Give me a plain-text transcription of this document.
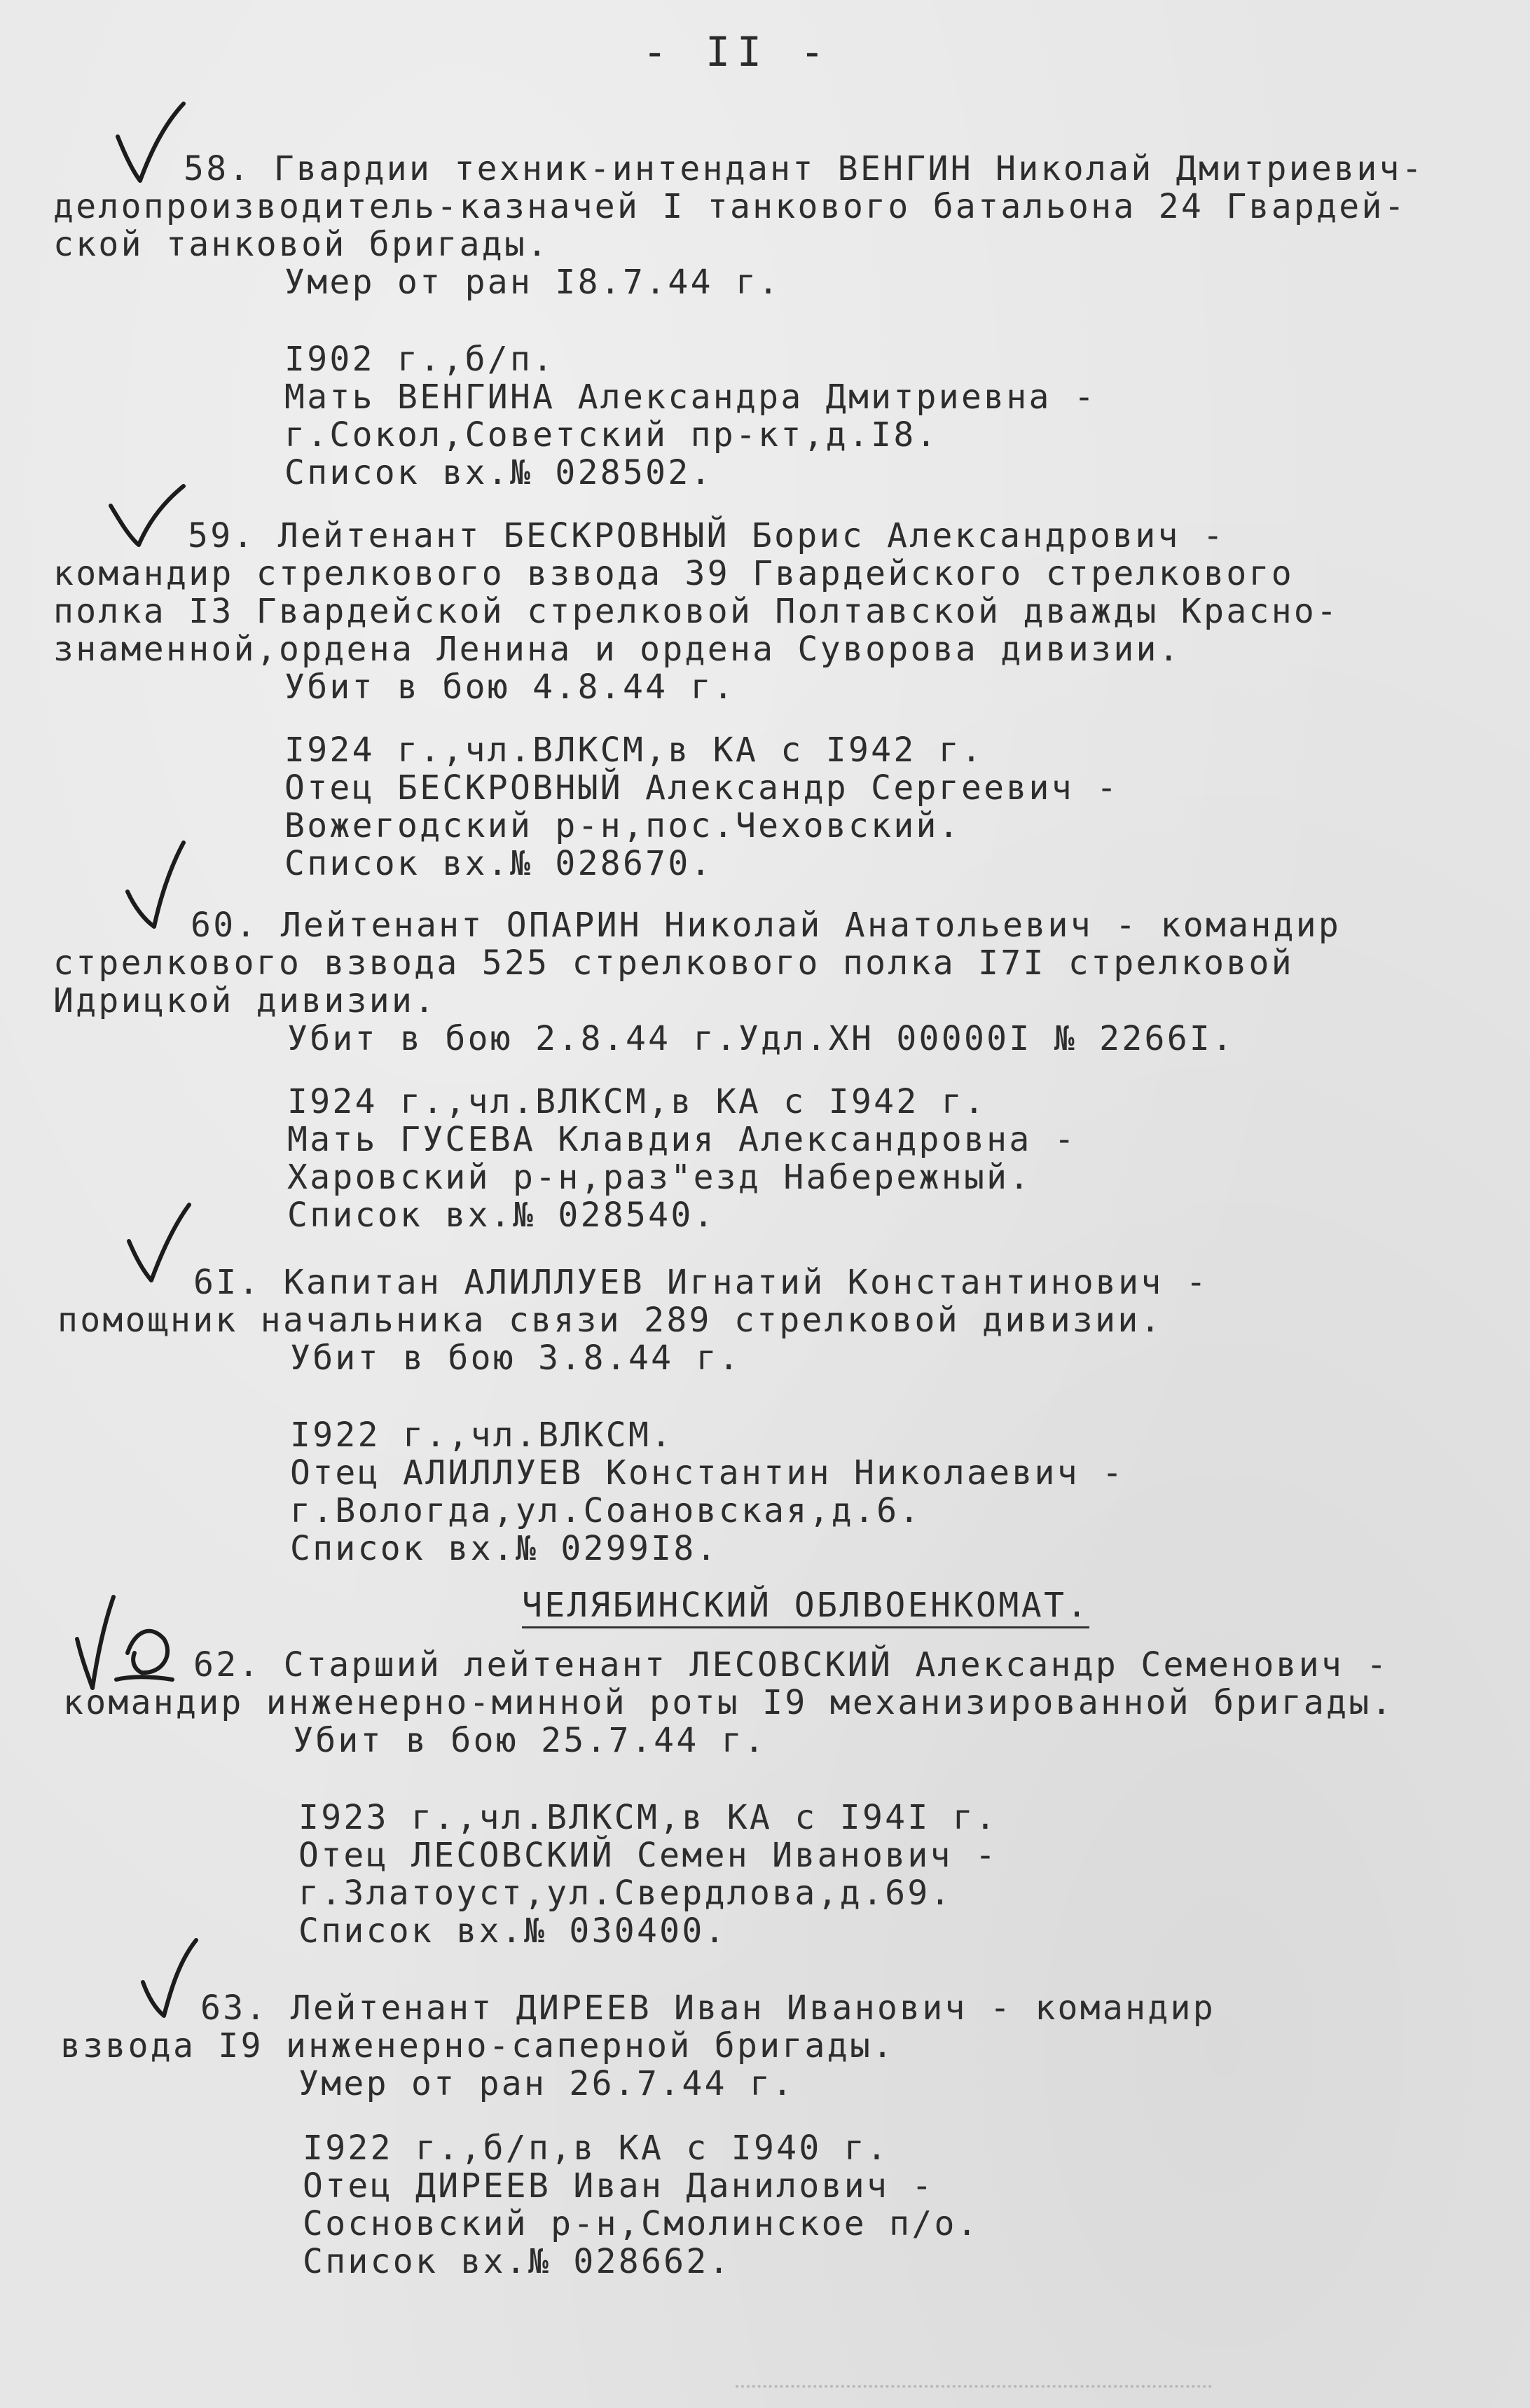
- II -
58. Гвардии техник-интендант ВЕНГИН Николай Дмитриевич-
делопроизводитель-казначей I танкового батальона 24 Гвардей-
ской танковой бригады.
Умер от ран I8.7.44 г.
I902 г.,б/п.
Мать ВЕНГИНА Александра Дмитриевна -
г.Сокол,Советский пр-кт,д.I8.
Список вх.№ 028502.
59. Лейтенант БЕСКРОВНЫЙ Борис Александрович -
командир стрелкового взвода 39 Гвардейского стрелкового
полка I3 Гвардейской стрелковой Полтавской дважды Красно-
знаменной,ордена Ленина и ордена Суворова дивизии.
Убит в бою 4.8.44 г.
I924 г.,чл.ВЛКСМ,в КА с I942 г.
Отец БЕСКРОВНЫЙ Александр Сергеевич -
Вожегодский р-н,пос.Чеховский.
Список вх.№ 028670.
60. Лейтенант ОПАРИН Николай Анатольевич - командир
стрелкового взвода 525 стрелкового полка I7I стрелковой
Идрицкой дивизии.
Убит в бою 2.8.44 г.Удл.ХН 00000I № 2266I.
I924 г.,чл.ВЛКСМ,в КА с I942 г.
Мать ГУСЕВА Клавдия Александровна -
Харовский р-н,раз"езд Набережный.
Список вх.№ 028540.
6I. Капитан АЛИЛЛУЕВ Игнатий Константинович -
помощник начальника связи 289 стрелковой дивизии.
Убит в бою 3.8.44 г.
I922 г.,чл.ВЛКСМ.
Отец АЛИЛЛУЕВ Константин Николаевич -
г.Вологда,ул.Соановская,д.6.
Список вх.№ 0299I8.
ЧЕЛЯБИНСКИЙ ОБЛВОЕНКОМАТ.
62. Старший лейтенант ЛЕСОВСКИЙ Александр Семенович -
командир инженерно-минной роты I9 механизированной бригады.
Убит в бою 25.7.44 г.
I923 г.,чл.ВЛКСМ,в КА с I94I г.
Отец ЛЕСОВСКИЙ Семен Иванович -
г.Златоуст,ул.Свердлова,д.69.
Список вх.№ 030400.
63. Лейтенант ДИРЕЕВ Иван Иванович - командир
взвода I9 инженерно-саперной бригады.
Умер от ран 26.7.44 г.
I922 г.,б/п,в КА с I940 г.
Отец ДИРЕЕВ Иван Данилович -
Сосновский р-н,Смолинское п/о.
Список вх.№ 028662.
